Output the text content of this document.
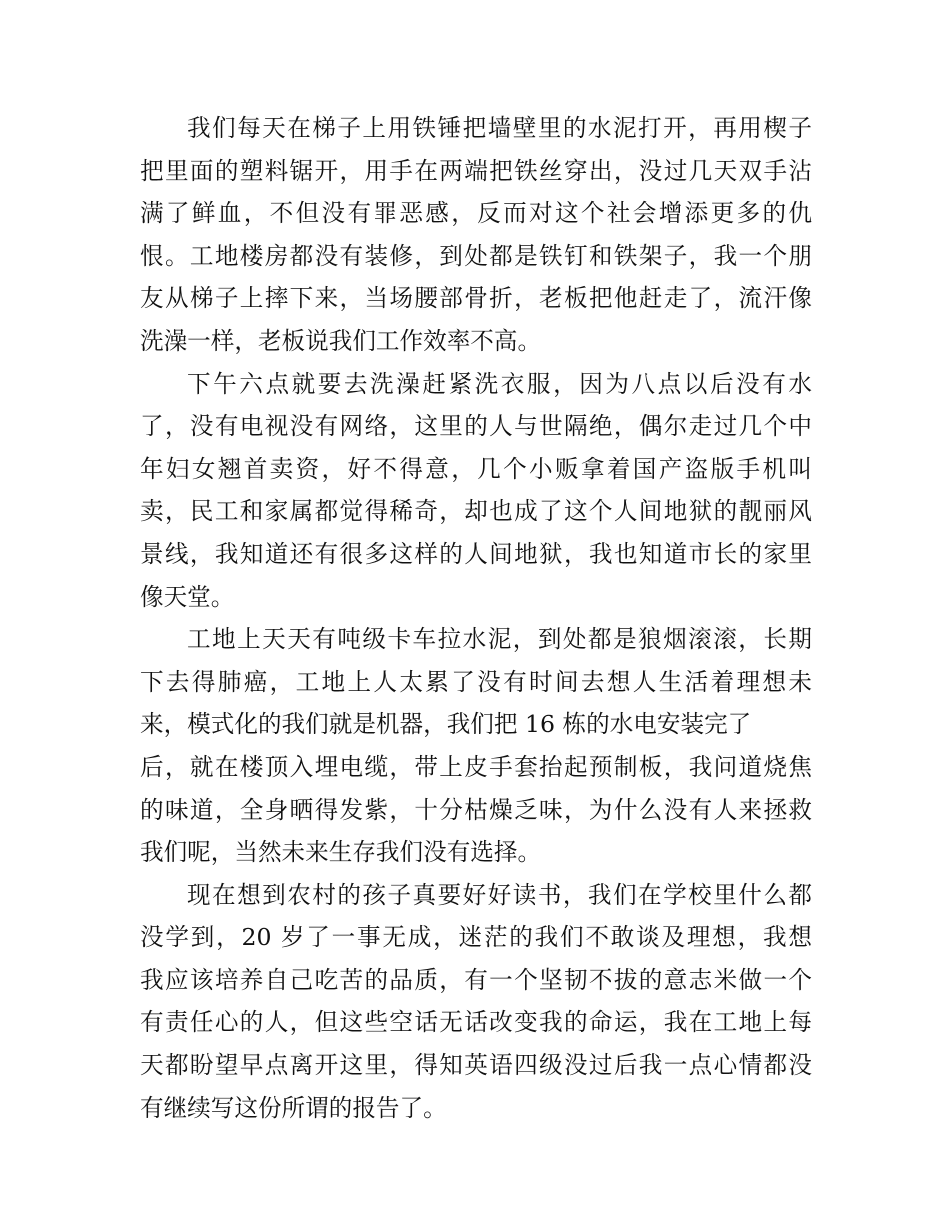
我们每天在梯子上用铁锤把墙壁里的水泥打开，再用楔子
把里面的塑料锯开，用手在两端把铁丝穿出，没过几天双手沾
满了鲜血，不但没有罪恶感，反而对这个社会增添更多的仇
恨。工地楼房都没有装修，到处都是铁钉和铁架子，我一个朋
友从梯子上摔下来，当场腰部骨折，老板把他赶走了，流汗像
洗澡一样，老板说我们工作效率不高。
下午六点就要去洗澡赶紧洗衣服，因为八点以后没有水
了，没有电视没有网络，这里的人与世隔绝，偶尔走过几个中
年妇女翘首卖资，好不得意，几个小贩拿着国产盗版手机叫
卖，民工和家属都觉得稀奇，却也成了这个人间地狱的靓丽风
景线，我知道还有很多这样的人间地狱，我也知道市长的家里
像天堂。
工地上天天有吨级卡车拉水泥，到处都是狼烟滚滚，长期
下去得肺癌，工地上人太累了没有时间去想人生活着理想未
来，模式化的我们就是机器，我们把 16 栋的水电安装完了
后，就在楼顶入埋电缆，带上皮手套抬起预制板，我问道烧焦
的味道，全身晒得发紫，十分枯燥乏味，为什么没有人来拯救
我们呢，当然未来生存我们没有选择。
现在想到农村的孩子真要好好读书，我们在学校里什么都
没学到，20 岁了一事无成，迷茫的我们不敢谈及理想，我想
我应该培养自己吃苦的品质，有一个坚韧不拔的意志米做一个
有责任心的人，但这些空话无话改变我的命运，我在工地上每
天都盼望早点离开这里，得知英语四级没过后我一点心情都没
有继续写这份所谓的报告了。
